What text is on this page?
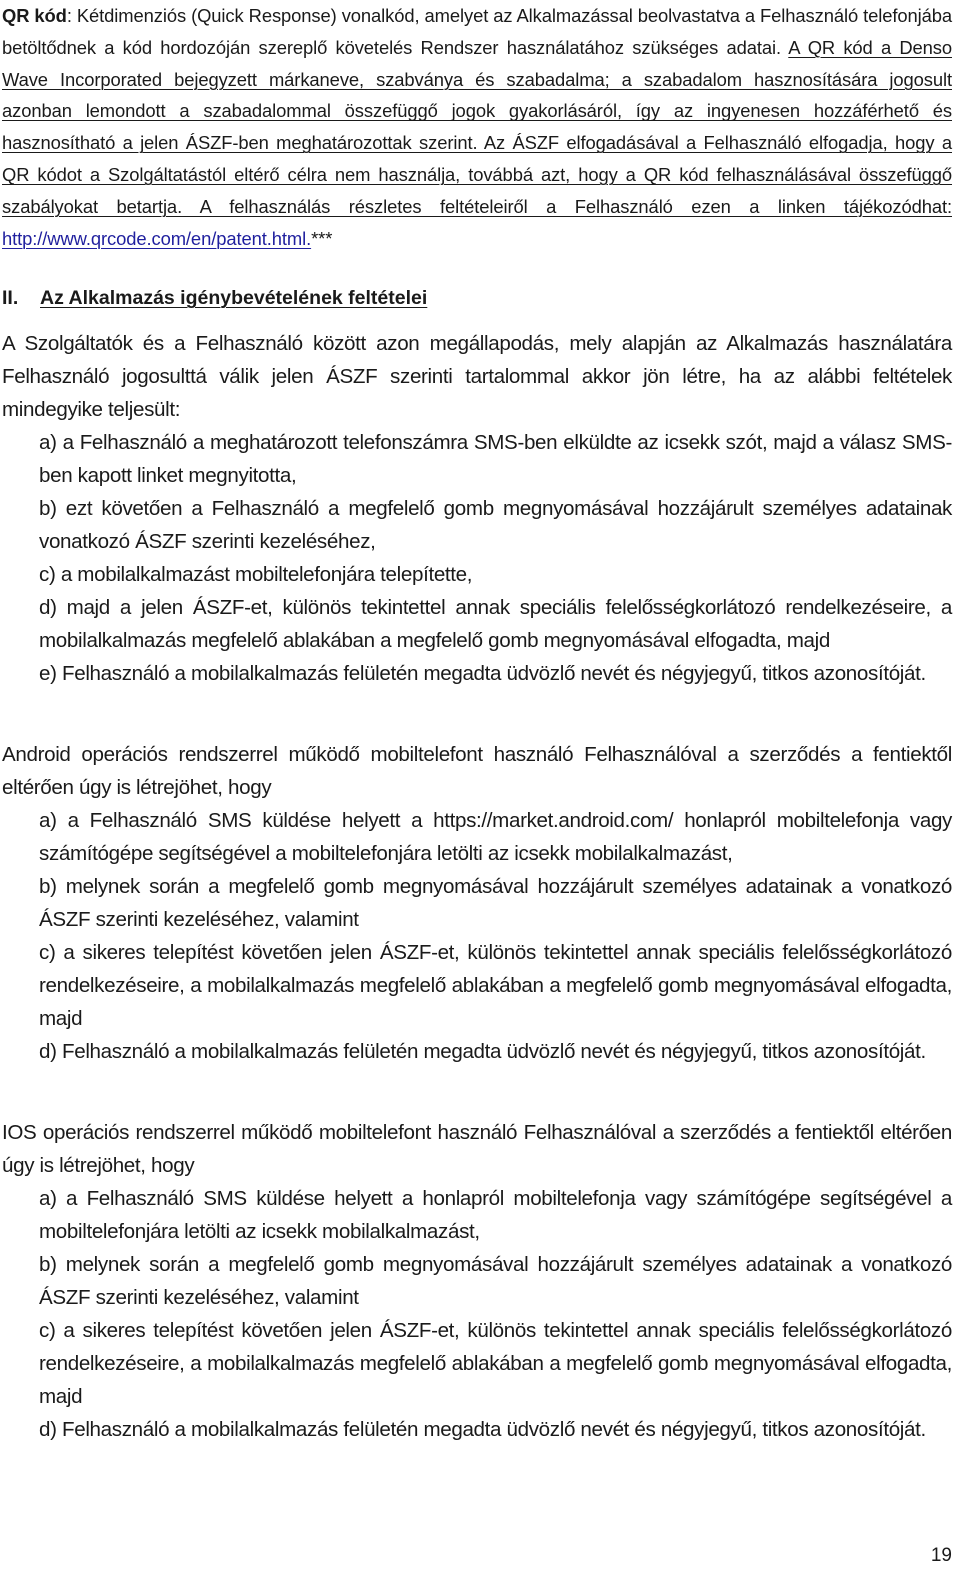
QR kód: Kétdimenziós (Quick Response) vonalkód, amelyet az Alkalmazással beolvastatva a Felhasználó telefonjába betöltődnek a kód hordozóján szereplő követelés Rendszer használatához szükséges adatai. A QR kód a Denso Wave Incorporated bejegyzett márkaneve, szabványa és szabadalma; a szabadalom hasznosítására jogosult azonban lemondott a szabadalommal összefüggő jogok gyakorlásáról, így az ingyenesen hozzáférhető és hasznosítható a jelen ÁSZF-ben meghatározottak szerint. Az ÁSZF elfogadásával a Felhasználó elfogadja, hogy a QR kódot a Szolgáltatástól eltérő célra nem használja, továbbá azt, hogy a QR kód felhasználásával összefüggő szabályokat betartja. A felhasználás részletes feltételeiről a Felhasználó ezen a linken tájékozódhat: http://www.qrcode.com/en/patent.html.***
II. Az Alkalmazás igénybevételének feltételei
A Szolgáltatók és a Felhasználó között azon megállapodás, mely alapján az Alkalmazás használatára Felhasználó jogosulttá válik jelen ÁSZF szerinti tartalommal akkor jön létre, ha az alábbi feltételek mindegyike teljesült:
a) a Felhasználó a meghatározott telefonszámra SMS-ben elküldte az icsekk szót, majd a válasz SMS-ben kapott linket megnyitotta,
b) ezt követően a Felhasználó a megfelelő gomb megnyomásával hozzájárult személyes adatainak vonatkozó ÁSZF szerinti kezeléséhez,
c) a mobilalkalmazást mobiltelefonjára telepítette,
d) majd a jelen ÁSZF-et, különös tekintettel annak speciális felelősségkorlátozó rendelkezéseire, a mobilalkalmazás megfelelő ablakában a megfelelő gomb megnyomásával elfogadta, majd
e) Felhasználó a mobilalkalmazás felületén megadta üdvözlő nevét és négyjegyű, titkos azonosítóját.
Android operációs rendszerrel működő mobiltelefont használó Felhasználóval a szerződés a fentiektől eltérően úgy is létrejöhet, hogy
a) a Felhasználó SMS küldése helyett a https://market.android.com/ honlapról mobiltelefonja vagy számítógépe segítségével a mobiltelefonjára letölti az icsekk mobilalkalmazást,
b) melynek során a megfelelő gomb megnyomásával hozzájárult személyes adatainak a vonatkozó ÁSZF szerinti kezeléséhez, valamint
c) a sikeres telepítést követően jelen ÁSZF-et, különös tekintettel annak speciális felelősségkorlátozó rendelkezéseire, a mobilalkalmazás megfelelő ablakában a megfelelő gomb megnyomásával elfogadta, majd
d) Felhasználó a mobilalkalmazás felületén megadta üdvözlő nevét és négyjegyű, titkos azonosítóját.
IOS operációs rendszerrel működő mobiltelefont használó Felhasználóval a szerződés a fentiektől eltérően úgy is létrejöhet, hogy
a) a Felhasználó SMS küldése helyett a honlapról mobiltelefonja vagy számítógépe segítségével a mobiltelefonjára letölti az icsekk mobilalkalmazást,
b) melynek során a megfelelő gomb megnyomásával hozzájárult személyes adatainak a vonatkozó ÁSZF szerinti kezeléséhez, valamint
c) a sikeres telepítést követően jelen ÁSZF-et, különös tekintettel annak speciális felelősségkorlátozó rendelkezéseire, a mobilalkalmazás megfelelő ablakában a megfelelő gomb megnyomásával elfogadta, majd
d) Felhasználó a mobilalkalmazás felületén megadta üdvözlő nevét és négyjegyű, titkos azonosítóját.
19
